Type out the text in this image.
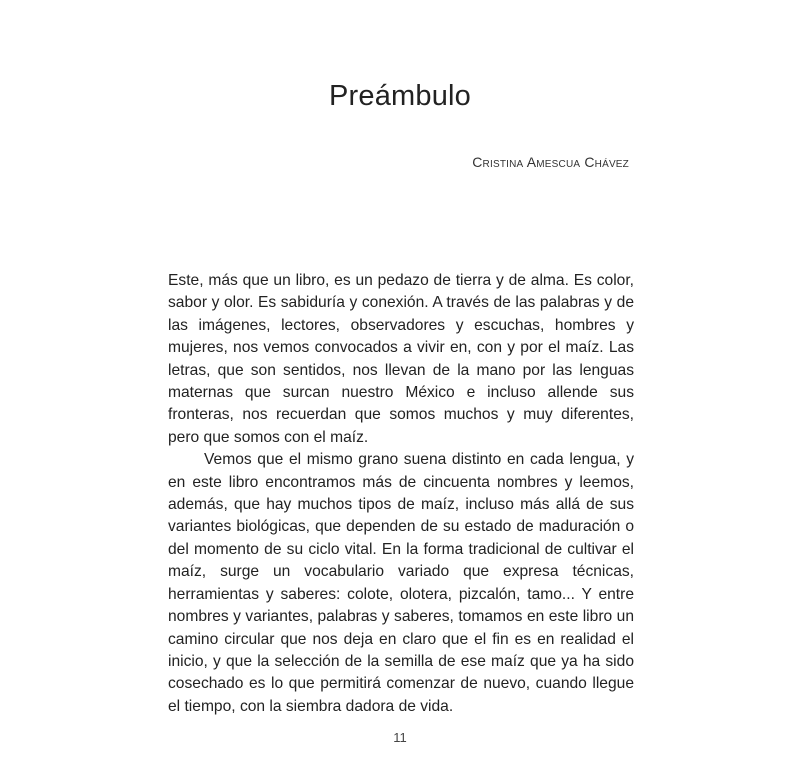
Preámbulo
Cristina Amescua Chávez

Este, más que un libro, es un pedazo de tierra y de alma. Es color, sabor y olor. Es sabiduría y conexión. A través de las palabras y de las imágenes, lectores, observadores y escuchas, hombres y mujeres, nos vemos convocados a vivir en, con y por el maíz. Las letras, que son sentidos, nos llevan de la mano por las lenguas maternas que surcan nuestro México e incluso allende sus fronteras, nos recuerdan que somos muchos y muy diferentes, pero que somos con el maíz.

Vemos que el mismo grano suena distinto en cada lengua, y en este libro encontramos más de cincuenta nombres y leemos, además, que hay muchos tipos de maíz, incluso más allá de sus variantes biológicas, que dependen de su estado de maduración o del momento de su ciclo vital. En la forma tradicional de cultivar el maíz, surge un vocabulario variado que expresa técnicas, herramientas y saberes: colote, olotera, pizcalón, tamo... Y entre nombres y variantes, palabras y saberes, tomamos en este libro un camino circular que nos deja en claro que el fin es en realidad el inicio, y que la selección de la semilla de ese maíz que ya ha sido cosechado es lo que permitirá comenzar de nuevo, cuando llegue el tiempo, con la siembra dadora de vida.

11
